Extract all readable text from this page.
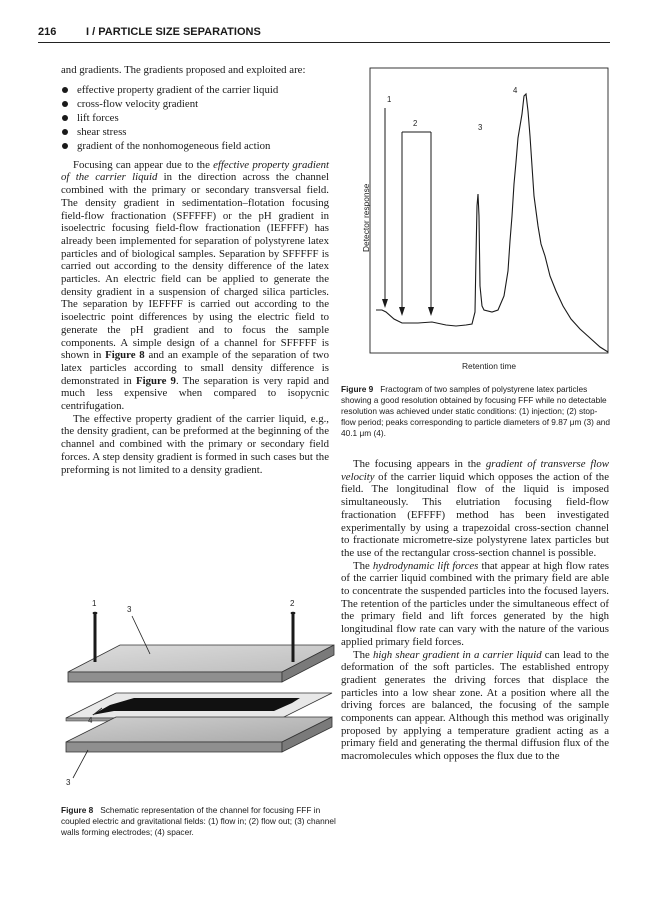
216	I / PARTICLE SIZE SEPARATIONS

and gradients. The gradients proposed and exploited are:

effective property gradient of the carrier liquid
cross-flow velocity gradient
lift forces
shear stress
gradient of the nonhomogeneous field action

Focusing can appear due to the effective property gradient of the carrier liquid in the direction across the channel combined with the primary or secondary transversal field. The density gradient in sedimentation–flotation focusing field-flow fractionation (SFFFFF) or the pH gradient in isoelectric focusing field-flow fractionation (IEFFFF) has already been implemented for separation of polystyrene latex particles and of biological samples. Separation by SFFFFF is carried out according to the density difference of the latex particles. An electric field can be applied to generate the density gradient in a suspension of charged silica particles. The separation by IEFFFF is carried out according to the isoelectric point differences by using the electric field to generate the pH gradient and to focus the sample components. A simple design of a channel for SFFFFF is shown in Figure 8 and an example of the separation of two latex particles according to small density difference is demonstrated in Figure 9. The separation is very rapid and much less expensive when compared to isopycnic centrifugation.

The effective property gradient of the carrier liquid, e.g., the density gradient, can be preformed at the beginning of the channel and combined with the primary or secondary field forces. A step density gradient is formed in such cases but the preforming is not limited to a density gradient.

Detector response
Retention time
1
2	3
4
Figure 9 Fractogram of two samples of polystyrene latex particles showing a good resolution obtained by focusing FFF while no detectable resolution was achieved under static conditions: (1) injection; (2) stop-flow period; peaks corresponding to particle diameters of 9.87 μm (3) and 40.1 μm (4).
1
3
2
4
3
Figure 8 Schematic representation of the channel for focusing FFF in coupled electric and gravitational fields: (1) flow in; (2) flow out; (3) channel walls forming electrodes; (4) spacer.

The focusing appears in the gradient of transverse flow velocity of the carrier liquid which opposes the action of the field. The longitudinal flow of the liquid is imposed simultaneously. This elutriation focusing field-flow fractionation (EFFFF) method has been investigated experimentally by using a trapezoidal cross-section channel to fractionate micrometre-size polystyrene latex particles but the use of the rectangular cross-section channel is possible.

The hydrodynamic lift forces that appear at high flow rates of the carrier liquid combined with the primary field are able to concentrate the suspended particles into the focused layers. The retention of the particles under the simultaneous effect of the primary field and lift forces generated by the high longitudinal flow rate can vary with the nature of the various applied primary field forces.

The high shear gradient in a carrier liquid can lead to the deformation of the soft particles. The established entropy gradient generates the driving forces that displace the particles into a low shear zone. At a position where all the driving forces are balanced, the focusing of the sample components can appear. Although this method was originally proposed by applying a temperature gradient acting as a primary field and generating the thermal diffusion flux of the macromolecules which opposes the flux due to the
